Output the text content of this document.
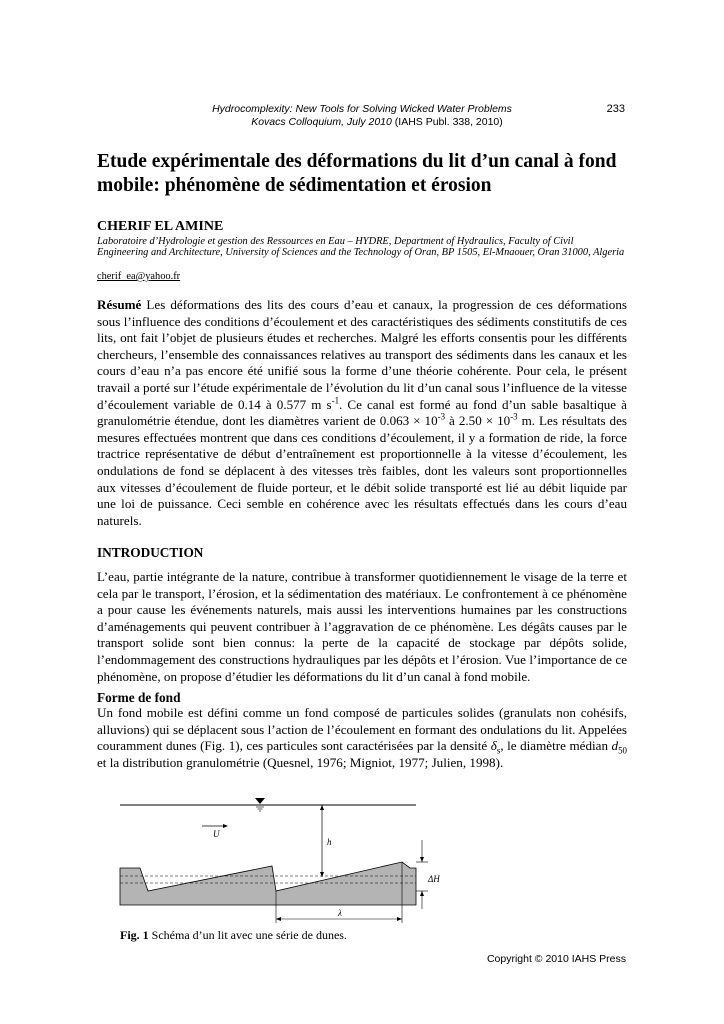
Hydrocomplexity: New Tools for Solving Wicked Water Problems
Kovacs Colloquium, July 2010 (IAHS Publ. 338, 2010)
233
Etude expérimentale des déformations du lit d’un canal à fond mobile: phénomène de sédimentation et érosion
CHERIF EL AMINE
Laboratoire d’Hydrologie et gestion des Ressources en Eau – HYDRE, Department of Hydraulics, Faculty of Civil Engineering and Architecture, University of Sciences and the Technology of Oran, BP 1505, El-Mnaouer, Oran 31000, Algeria
cherif_ea@yahoo.fr
Résumé Les déformations des lits des cours d’eau et canaux, la progression de ces déformations sous l’influence des conditions d’écoulement et des caractéristiques des sédiments constitutifs de ces lits, ont fait l’objet de plusieurs études et recherches. Malgré les efforts consentis pour les différents chercheurs, l’ensemble des connaissances relatives au transport des sédiments dans les canaux et les cours d’eau n’a pas encore été unifié sous la forme d’une théorie cohérente. Pour cela, le présent travail a porté sur l’étude expérimentale de l’évolution du lit d’un canal sous l’influence de la vitesse d’écoulement variable de 0.14 à 0.577 m $s^{-1}$. Ce canal est formé au fond d’un sable basaltique à granulométrie étendue, dont les diamètres varient de $0.063 \times 10^{-3}$ à $2.50 \times 10^{-3}$ m. Les résultats des mesures effectuées montrent que dans ces conditions d’écoulement, il y a formation de ride, la force tractrice représentative de début d’entraînement est proportionnelle à la vitesse d’écoulement, les ondulations de fond se déplacent à des vitesses très faibles, dont les valeurs sont proportionnelles aux vitesses d’écoulement de fluide porteur, et le débit solide transporté est lié au débit liquide par une loi de puissance. Ceci semble en cohérence avec les résultats effectués dans les cours d’eau naturels.
INTRODUCTION
L’eau, partie intégrante de la nature, contribue à transformer quotidiennement le visage de la terre et cela par le transport, l’érosion, et la sédimentation des matériaux. Le confrontement à ce phénomène a pour cause les événements naturels, mais aussi les interventions humaines par les constructions d’aménagements qui peuvent contribuer à l’aggravation de ce phénomène. Les dégâts causes par le transport solide sont bien connus: la perte de la capacité de stockage par dépôts solide, l’endommagement des constructions hydrauliques par les dépôts et l’érosion. Vue l’importance de ce phénomène, on propose d’étudier les déformations du lit d’un canal à fond mobile.
Forme de fond
Un fond mobile est défini comme un fond composé de particules solides (granulats non cohésifs, alluvions) qui se déplacent sous l’action de l’écoulement en formant des ondulations du lit. Appelées couramment dunes (Fig. 1), ces particules sont caractérisées par la densité $\delta_s$, le diamètre médian $d_{50}$ et la distribution granulométrie (Quesnel, 1976; Migniot, 1977; Julien, 1998).
U
h
ΔH
λ
Fig. 1 Schéma d’un lit avec une série de dunes.
Copyright © 2010 IAHS Press
